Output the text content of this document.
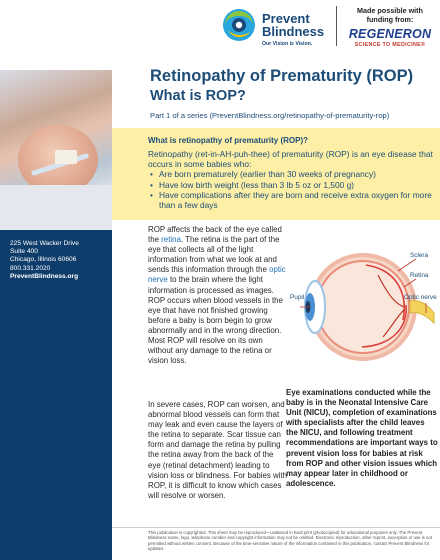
225 West Wacker Drive
Suite 400
Chicago, Illinois 60606
800.331.2020
PreventBlindness.org
Prevent
Blindness
Our Vision is Vision.
Made possible with
funding from:
REGENERON
SCIENCE TO MEDICINE®
Retinopathy of Prematurity (ROP)
What is ROP?
Part 1 of a series (PreventBlindness.org/retinopathy-of-prematurity-rop)
What is retinopathy of prematurity (ROP)?
Retinopathy (ret-in-AH-puh-thee) of prematurity (ROP) is an eye disease that occurs in some babies who:
• Are born prematurely (earlier than 30 weeks of pregnancy)
• Have low birth weight (less than 3 lb 5 oz or 1,500 g)
• Have complications after they are born and receive extra oxygen for more than a few days

ROP affects the back of the eye called the retina. The retina is the part of the eye that collects all of the light information from what we look at and sends this information through the optic nerve to the brain where the light information is processed as images. ROP occurs when blood vessels in the eye that have not finished growing before a baby is born begin to grow abnormally and in the wrong direction. Most ROP will resolve on its own without any damage to the retina or vision loss.

In severe cases, ROP can worsen, and abnormal blood vessels can form that may leak and even cause the layers of the retina to separate. Scar tissue can form and damage the retina by pulling the retina away from the back of the eye (retinal detachment) leading to vision loss or blindness. For babies with ROP, it is difficult to know which cases will resolve or worsen.

Sclera
Retina
Optic nerve
Pupil

Eye examinations conducted while the baby is in the Neonatal Intensive Care Unit (NICU), completion of examinations with specialists after the child leaves the NICU, and following treatment recommendations are important ways to prevent vision loss for babies at risk from ROP and other vision issues which may appear later in childhood or adolescence.

This publication is copyrighted. This sheet may be reproduced—unaltered in hard print (photocopied) for educational purposes only. The Prevent Blindness name, logo, telephone number and copyright information may not be omitted. Electronic reproduction, other reprint, excerption or use is not permitted without written consent. Because of the time-sensitive nature of the information contained in this publication, contact Prevent Blindness for updates.
